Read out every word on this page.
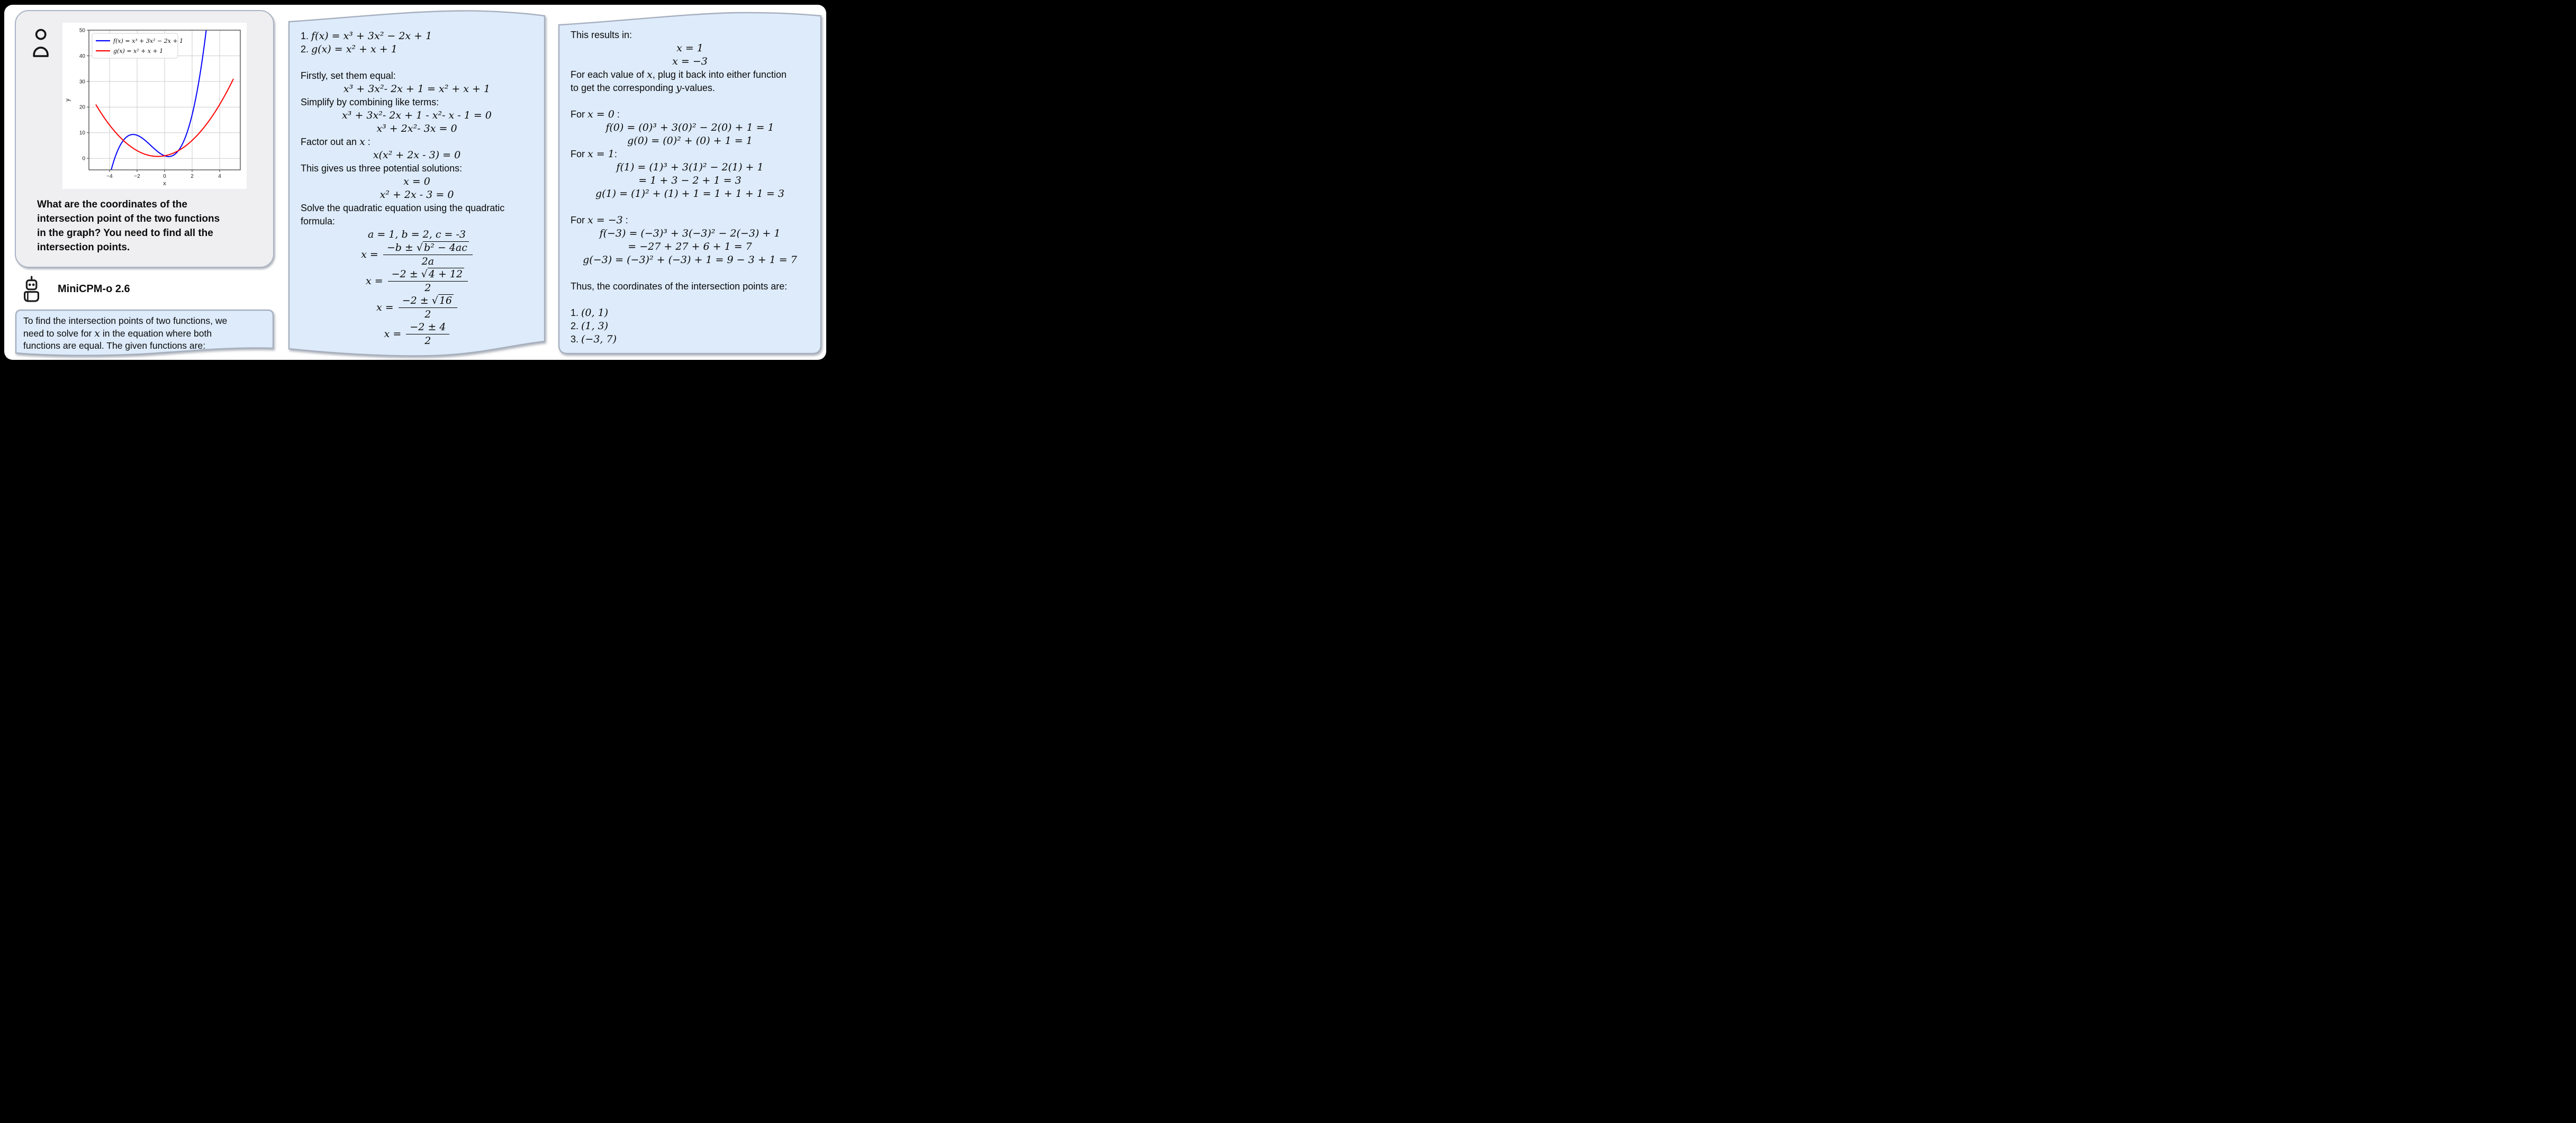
−4	−2	0	2	4
0
10
20
30
40
50
x
y
f(x) = x³ + 3x² − 2x + 1
g(x) = x² + x + 1
What are the coordinates of the
intersection point of the two functions
in the graph? You need to find all the
intersection points.
MiniCPM-o 2.6
To find the intersection points of two functions, we
need to solve for x in the equation where both
functions are equal. The given functions are:
1. f(x) = x³ + 3x² − 2x + 1
2. g(x) = x² + x + 1
Firstly, set them equal:
x³ + 3x²- 2x + 1 = x² + x + 1
Simplify by combining like terms:
x³ + 3x²- 2x + 1 - x²- x - 1 = 0
x³ + 2x²- 3x = 0
Factor out an x :
x(x² + 2x - 3) = 0
This gives us three potential solutions:
x = 0
x² + 2x - 3 = 0
Solve the quadratic equation using the quadratic
formula:
a = 1, b = 2, c = -3
$x = \frac{\text{−b ± √ b² − 4ac}}{2a}$
$x = \frac{-2 \pm √ 4 + 12}{2}$
$x = \frac{-2 \pm √ 16}{2}$
$x = \frac{-2 \pm 4}{2}$
This results in:
x = 1
x = −3
For each value of x, plug it back into either function
to get the corresponding y-values.
For x = 0 :
f(0) = (0)³ + 3(0)² − 2(0) + 1 = 1
g(0) = (0)² + (0) + 1 = 1
For x = 1:
f(1) = (1)³ + 3(1)² − 2(1) + 1
= 1 + 3 − 2 + 1 = 3
g(1) = (1)² + (1) + 1 = 1 + 1 + 1 = 3
For x = −3 :
f(−3) = (−3)³ + 3(−3)² − 2(−3) + 1
= −27 + 27 + 6 + 1 = 7
g(−3) = (−3)² + (−3) + 1 = 9 − 3 + 1 = 7
Thus, the coordinates of the intersection points are:
1. (0, 1)
2. (1, 3)
3. (−3, 7)
